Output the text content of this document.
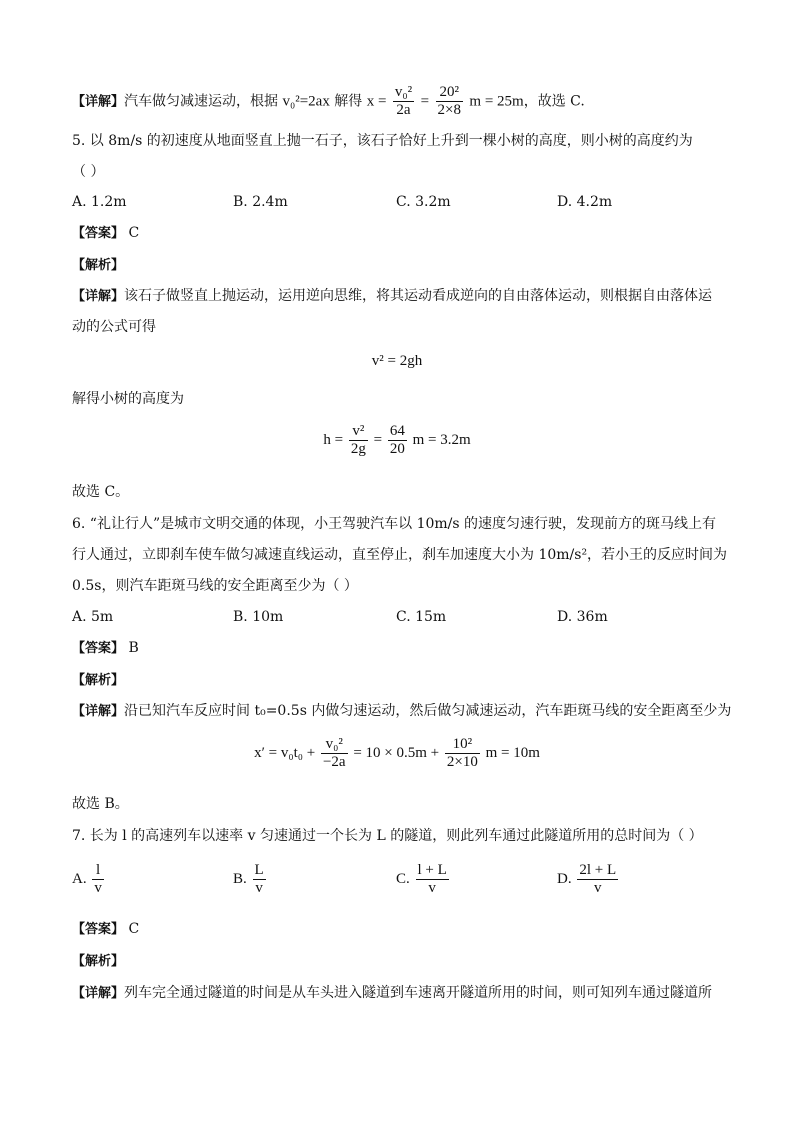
【详解】汽车做匀减速运动，根据 v₀²=2ax 解得 $x = \frac{\text{v₀²}}{2a} = \frac{\text{20²}}{2\times 8}$ m = 25m，故选 C.
5. 以 8m/s 的初速度从地面竖直上抛一石子，该石子恰好上升到一棵小树的高度，则小树的高度约为
（ ）
A. 1.2m	B. 2.4m	C. 3.2m	D. 4.2m
【答案】 C
【解析】
【详解】该石子做竖直上抛运动，运用逆向思维，将其运动看成逆向的自由落体运动，则根据自由落体运
动的公式可得
v² = 2gh
解得小树的高度为
$h = \frac{\text{v²}}{2g} = \frac{64}{20}$ m = 3.2m
故选 C。
6. “礼让行人”是城市文明交通的体现，小王驾驶汽车以 10m/s 的速度匀速行驶，发现前方的斑马线上有
行人通过，立即刹车使车做匀减速直线运动，直至停止，刹车加速度大小为 10m/s²，若小王的反应时间为
0.5s，则汽车距斑马线的安全距离至少为（ ）
A. 5m	B. 10m	C. 15m	D. 36m
【答案】 B
【解析】
【详解】沿已知汽车反应时间 t₀=0.5s 内做匀速运动，然后做匀减速运动，汽车距斑马线的安全距离至少为
$x' = v_0t_0 + \frac{\text{v₀²}}{-2a} = 10 \times 0.5m + \frac{\text{10²}}{2\times 10}$ m = 10m
故选 B。
7. 长为 l 的高速列车以速率 v 匀速通过一个长为 L 的隧道，则此列车通过此隧道所用的总时间为（ ）
A. $\frac{l}{v}$	B. $\frac{L}{v}$	C. $\frac{l + L}{v}$	D. $\frac{2l + L}{v}$
【答案】 C
【解析】
【详解】列车完全通过隧道的时间是从车头进入隧道到车速离开隧道所用的时间，则可知列车通过隧道所
